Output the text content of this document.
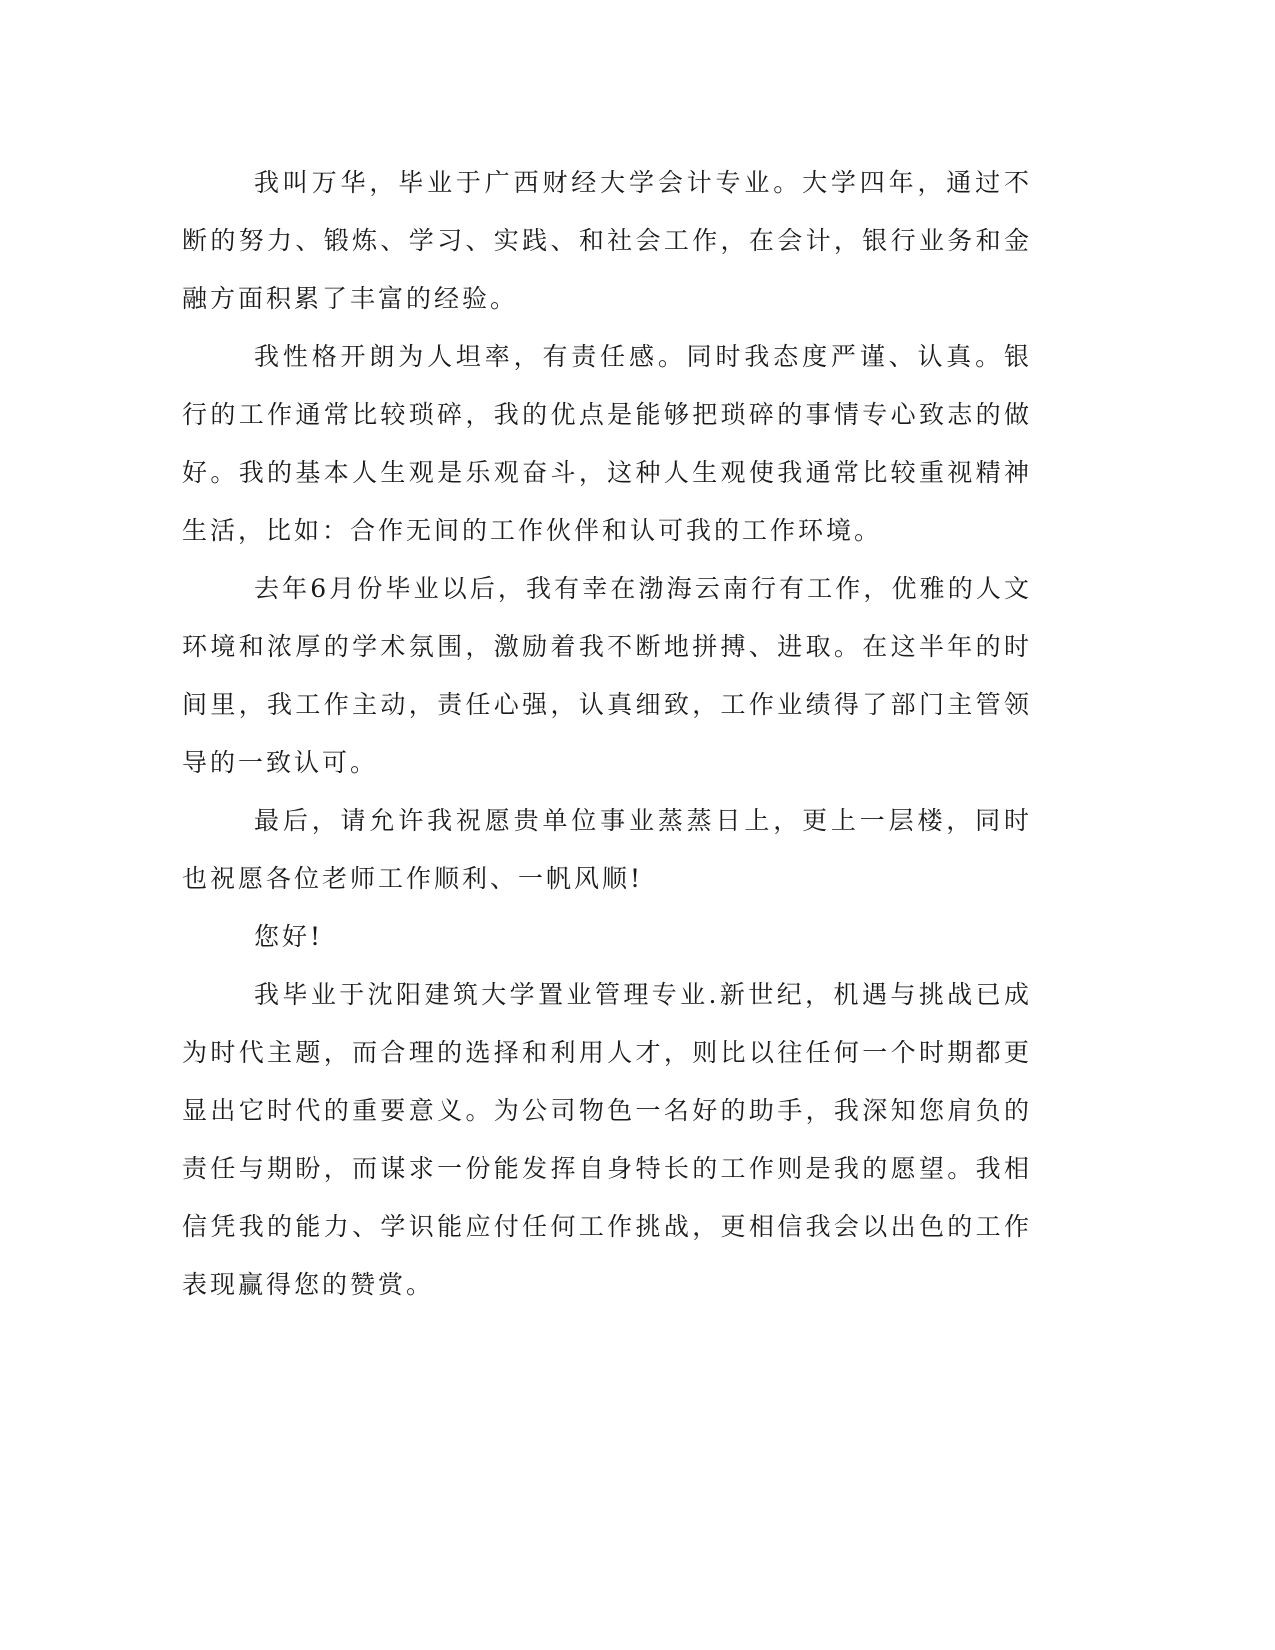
我叫万华，毕业于广西财经大学会计专业。大学四年，通过不断的努力、锻炼、学习、实践、和社会工作，在会计，银行业务和金融方面积累了丰富的经验。

我性格开朗为人坦率，有责任感。同时我态度严谨、认真。银行的工作通常比较琐碎，我的优点是能够把琐碎的事情专心致志的做好。我的基本人生观是乐观奋斗，这种人生观使我通常比较重视精神生活，比如：合作无间的工作伙伴和认可我的工作环境。

去年6月份毕业以后，我有幸在渤海云南行有工作，优雅的人文环境和浓厚的学术氛围，激励着我不断地拼搏、进取。在这半年的时间里，我工作主动，责任心强，认真细致，工作业绩得了部门主管领导的一致认可。

最后，请允许我祝愿贵单位事业蒸蒸日上，更上一层楼，同时也祝愿各位老师工作顺利、一帆风顺!

您好!

我毕业于沈阳建筑大学置业管理专业.新世纪，机遇与挑战已成为时代主题，而合理的选择和利用人才，则比以往任何一个时期都更显出它时代的重要意义。为公司物色一名好的助手，我深知您肩负的责任与期盼，而谋求一份能发挥自身特长的工作则是我的愿望。我相信凭我的能力、学识能应付任何工作挑战，更相信我会以出色的工作表现赢得您的赞赏。
